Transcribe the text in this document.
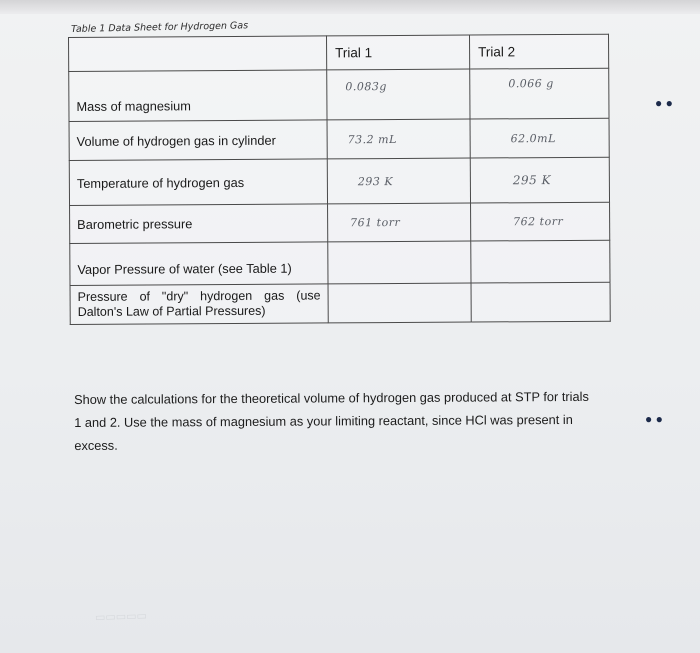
Table 1 Data Sheet for Hydrogen Gas
	Trial 1	Trial 2
Mass of magnesium	0.083g	0.066 g

Volume of hydrogen gas in cylinder	73.2 mL	62.0mL

Temperature of hydrogen gas	293 K	295 K

Barometric pressure	761 torr	762 torr

Vapor Pressure of water (see Table 1)	

Pressure of "dry" hydrogen gas (use Dalton's Law of Partial Pressures)	

● ●
● ●
Show the calculations for the theoretical volume of hydrogen gas produced at STP for trials 1 and 2. Use the mass of magnesium as your limiting reactant, since HCl was present in excess.
▭▭▭▭▭
